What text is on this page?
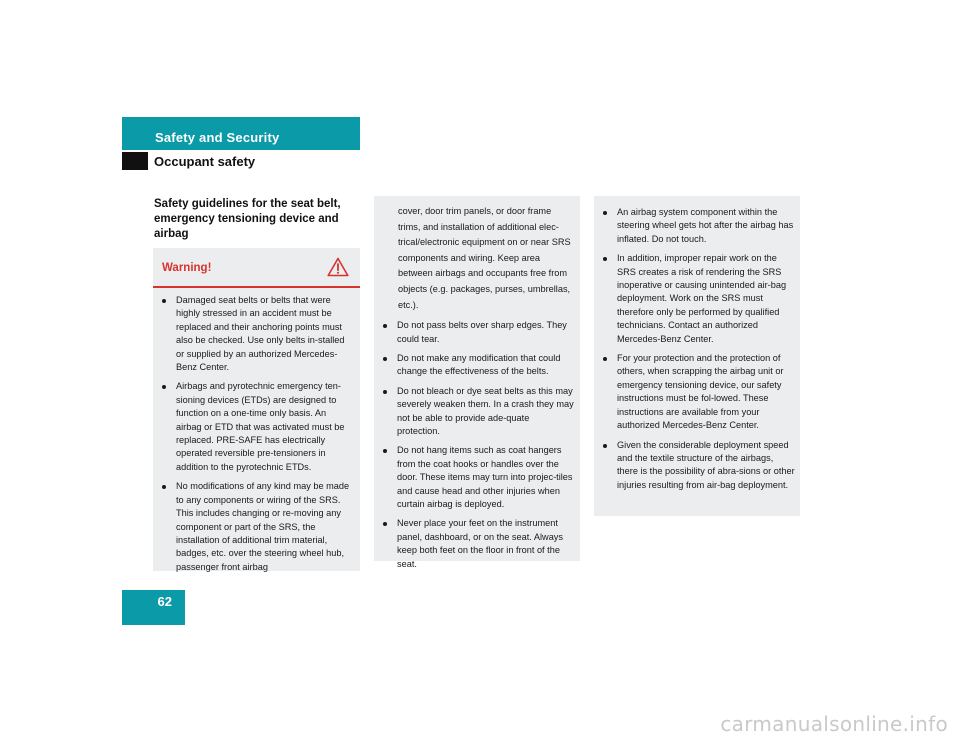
Safety and Security
Occupant safety
Safety guidelines for the seat belt, emergency tensioning device and airbag
Warning!
Damaged seat belts or belts that were highly stressed in an accident must be replaced and their anchoring points must also be checked. Use only belts in-stalled or supplied by an authorized Mercedes-Benz Center.
Airbags and pyrotechnic emergency ten-sioning devices (ETDs) are designed to function on a one-time only basis. An airbag or ETD that was activated must be replaced. PRE-SAFE has electrically operated reversible pre-tensioners in addition to the pyrotechnic ETDs.
No modifications of any kind may be made to any components or wiring of the SRS. This includes changing or re-moving any component or part of the SRS, the installation of additional trim material, badges, etc. over the steering wheel hub, passenger front airbag
cover, door trim panels, or door frame trims, and installation of additional elec-trical/electronic equipment on or near SRS components and wiring. Keep area between airbags and occupants free from objects (e.g. packages, purses, umbrellas, etc.).
Do not pass belts over sharp edges. They could tear.
Do not make any modification that could change the effectiveness of the belts.
Do not bleach or dye seat belts as this may severely weaken them. In a crash they may not be able to provide ade-quate protection.
Do not hang items such as coat hangers from the coat hooks or handles over the door. These items may turn into projec-tiles and cause head and other injuries when curtain airbag is deployed.
Never place your feet on the instrument panel, dashboard, or on the seat. Always keep both feet on the floor in front of the seat.
An airbag system component within the steering wheel gets hot after the airbag has inflated. Do not touch.
In addition, improper repair work on the SRS creates a risk of rendering the SRS inoperative or causing unintended air-bag deployment. Work on the SRS must therefore only be performed by qualified technicians. Contact an authorized Mercedes-Benz Center.
For your protection and the protection of others, when scrapping the airbag unit or emergency tensioning device, our safety instructions must be fol-lowed. These instructions are available from your authorized Mercedes-Benz Center.
Given the considerable deployment speed and the textile structure of the airbags, there is the possibility of abra-sions or other injuries resulting from air-bag deployment.
62
carmanualsonline.info
